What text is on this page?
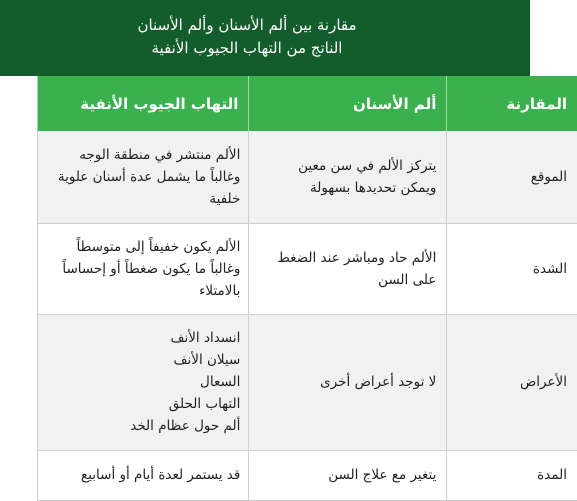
مقارنة بين ألم الأسنان وألم الأسنان
الناتج من التهاب الجيوب الأنفية
المقارنة	ألم الأسنان	التهاب الجيوب الأنفية
الموقع	يتركز الألم في سن معين ويمكن تحديدها بسهولة	الألم منتشر في منطقة الوجه وغالباً ما يشمل عدة أسنان علوية خلفية
الشدة	الألم حاد ومباشر عند الضغط على السن	الألم يكون خفيفاً إلى متوسطاً وغالباً ما يكون ضغطاً أو إحساساً بالامتلاء
الأعراض	لا توجد أعراض أخرى	انسداد الأنف
سيلان الأنف
السعال
التهاب الحلق
ألم حول عظام الخد

المدة	يتغير مع علاج السن	قد يستمر لعدة أيام أو أسابيع
